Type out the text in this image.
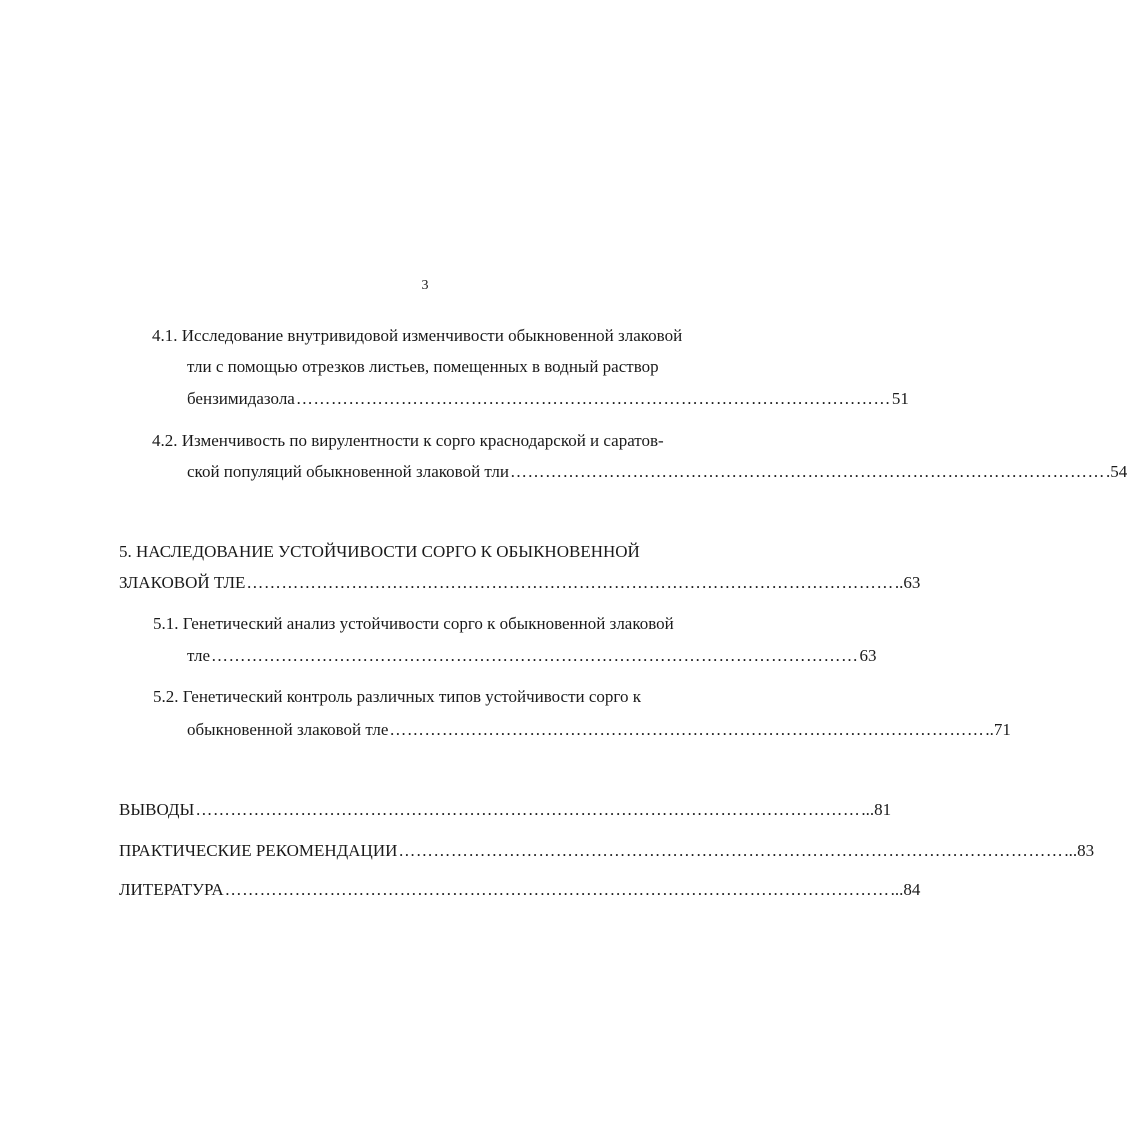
3
4.1. Исследование внутривидовой изменчивости обыкновенной злаковой
тли с помощью отрезков листьев, помещенных в водный раствор
бензимидазола ………………………………………………………………………………………… 51
4.2. Изменчивость по вирулентности к сорго краснодарской и саратов-
ской популяций обыкновенной злаковой тли ………………………………………………………………………………………… .54
5. НАСЛЕДОВАНИЕ УСТОЙЧИВОСТИ СОРГО К ОБЫКНОВЕННОЙ
ЗЛАКОВОЙ ТЛЕ ………………………………………………………………………………………………… ..63
5.1. Генетический анализ устойчивости сорго к обыкновенной злаковой
тле ………………………………………………………………………………………………… 63
5.2. Генетический контроль различных типов устойчивости сорго к
обыкновенной злаковой тле ………………………………………………………………………………………… ..71
ВЫВОДЫ …………………………………………………………………………………………………… ...81
ПРАКТИЧЕСКИЕ РЕКОМЕНДАЦИИ …………………………………………………………………………………………………… ...83
ЛИТЕРАТУРА …………………………………………………………………………………………………… ...84
